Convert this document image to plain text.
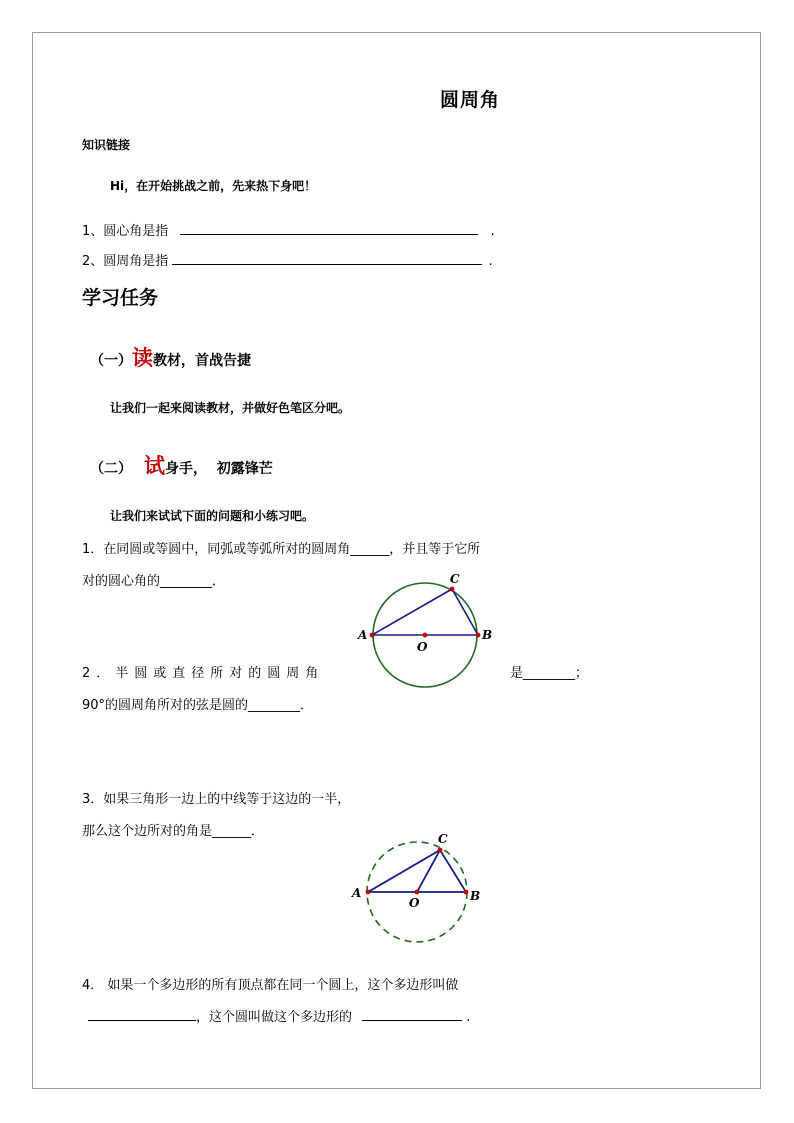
圆周角
知识链接
Hi，在开始挑战之前，先来热下身吧！
1、圆心角是指	.
2、圆周角是指	.
学习任务
（一）读教材，首战告捷
让我们一起来阅读教材，并做好色笔区分吧。
（二） 试身手，  初露锋芒
让我们来试试下面的问题和小练习吧。
1．在同圆或等圆中，同弧或等弧所对的圆周角______，并且等于它所
对的圆心角的________．
2．半圆或直径所对的圆周角	是________；
90°的圆周角所对的弦是圆的________．
3．如果三角形一边上的中线等于这边的一半，
那么这个边所对的角是______．
4． 如果一个多边形的所有顶点都在同一个圆上，这个多边形叫做
，这个圆叫做这个多边形的	.
A	B
C
O
A	B
C
O
